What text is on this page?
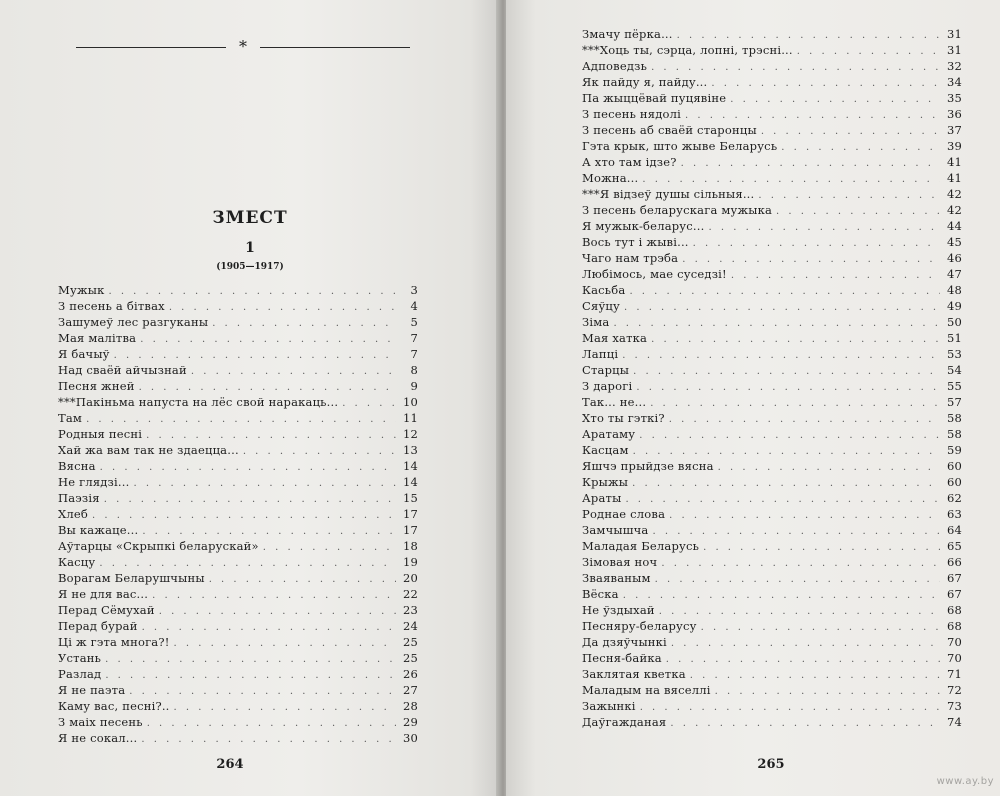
*
ЗМЕСТ
1
(1905—1917)
Мужык . . .	3
З песень а бітвах . . .	4
Зашумеў лес разгуканы . . .	5
Мая малітва . . .	7
Я бачыў . . .	7
Над сваёй айчызнай . . .	8
Песня жней . . .	9
***Пакіньма напуста на лёс свой наракаць... . . .	10
Там . . .	11
Родныя песні . . .	12
Хай жа вам так не здаецца... . . .	13
Вясна . . .	14
Не глядзі... . . .	14
Паэзія . . .	15
Хлеб . . .	17
Вы кажаце... . . .	17
Аўтарцы «Скрыпкі беларускай» . . .	18
Касцу . . .	19
Ворагам Беларушчыны . . .	20
Я не для вас... . . .	22
Перад Сёмухай . . .	23
Перад бурай . . .	24
Ці ж гэта многа?! . . .	25
Устань . . .	25
Разлад . . .	26
Я не паэта . . .	27
Каму вас, песні?.. . . .	28
З маіх песень . . .	29
Я не сокал... . . .	30
264
Змачу пёрка... . . .	31
***Хоць ты, сэрца, лопні, трэсні... . . .	31
Адповедзь . . .	32
Як пайду я, пайду... . . .	34
Па жыццёвай пуцявіне . . .	35
З песень нядолі . . .	36
З песень аб сваёй старонцы . . .	37
Гэта крык, што жыве Беларусь . . .	39
А хто там ідзе? . . .	41
Можна... . . .	41
***Я відзеў душы сільныя... . . .	42
З песень беларускага мужыка . . .	42
Я мужык-беларус... . . .	44
Вось тут і жыві... . . .	45
Чаго нам трэба . . .	46
Любімось, мае суседзі! . . .	47
Касьба . . .	48
Сяўцу . . .	49
Зіма . . .	50
Мая хатка . . .	51
Лапці . . .	53
Старцы . . .	54
З дарогі . . .	55
Так... не... . . .	57
Хто ты гэткі? . . .	58
Аратаму . . .	58
Касцам . . .	59
Яшчэ прыйдзе вясна . . .	60
Крыжы . . .	60
Араты . . .	62
Роднае слова . . .	63
Замчышча . . .	64
Маладая Беларусь . . .	65
Зімовая ноч . . .	66
Зваяваным . . .	67
Вёска . . .	67
Не ўздыхай . . .	68
Песняру-беларусу . . .	68
Да дзяўчынкі . . .	70
Песня-байка . . .	70
Заклятая кветка . . .	71
Маладым на вяселлі . . .	72
Зажынкі . . .	73
Даўгажданая . . .	74
265
www.ay.by
